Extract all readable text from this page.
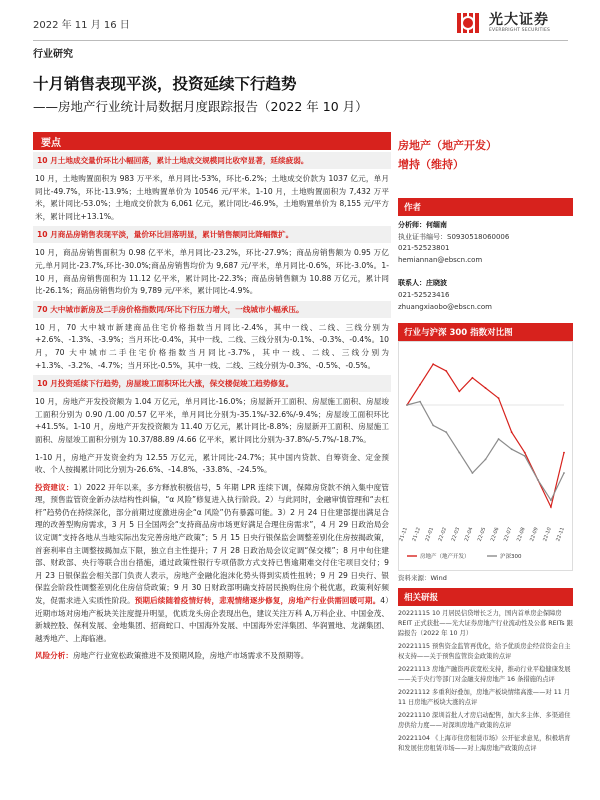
2022 年 11 月 16 日	光大证券
EVERBRIGHT SECURITIES
行业研究
十月销售表现平淡，投资延续下行趋势
——房地产行业统计局数据月度跟踪报告（2022 年 10 月）
要点
10 月土地成交量价环比小幅回落，累计土地成交规模同比收窄显著，延续疲弱。
10 月，土地购置面积为 983 万平米，单月同比-53%，环比-6.2%；土地成交价款为 1037 亿元，单月同比-49.7%，环比-13.9%；土地购置单价为 10546 元/平米。1-10 月，土地购置面积为 7,432 万平米，累计同比-53.0%；土地成交价款为 6,061 亿元，累计同比-46.9%，土地购置单价为 8,155 元/平方米，累计同比+13.1%。
10 月商品房销售表现平淡，量价环比回落明显，累计销售额同比降幅微扩。
10 月，商品房销售面积为 0.98 亿平米，单月同比-23.2%，环比-27.9%；商品房销售额为 0.95 万亿元,单月同比-23.7%,环比-30.0%;商品房销售均价为 9,687 元/平米，单月同比-0.6%，环比-3.0%。1-10 月，商品房销售面积为 11.12 亿平米，累计同比-22.3%；商品房销售额为 10.88 万亿元，累计同比-26.1%；商品房销售均价为 9,789 元/平米，累计同比-4.9%。
70 大中城市新房及二手房价格指数同/环比下行压力增大，一线城市小幅承压。
10 月，70 大中城市新建商品住宅价格指数当月同比-2.4%，其中一线、二线、三线分别为+2.6%、-1.3%、-3.9%；当月环比-0.4%，其中一线、二线、三线分别为-0.1%、-0.3%、-0.4%。10 月，70 大中城市二手住宅价格指数当月同比-3.7%，其中一线、二线、三线分别为+1.3%、-3.2%、-4.7%；当月环比-0.5%，其中一线、二线、三线分别为-0.3%、-0.5%、-0.5%。
10 月投资延续下行趋势，房屋竣工面积环比大涨，保交楼促竣工趋势修复。
10 月，房地产开发投资额为 1.04 万亿元，单月同比-16.0%；房屋新开工面积、房屋施工面积、房屋竣工面积分别为 0.90 /1.00 /0.57 亿平米，单月同比分别为-35.1%/-32.6%/-9.4%；房屋竣工面积环比+41.5%。1-10 月，房地产开发投资额为 11.40 万亿元，累计同比-8.8%；房屋新开工面积、房屋施工面积、房屋竣工面积分别为 10.37/88.89 /4.66 亿平米，累计同比分别为-37.8%/-5.7%/-18.7%。
1-10 月，房地产开发资金约为 12.55 万亿元，累计同比-24.7%；其中国内贷款、自筹资金、定金预收、个人按揭累计同比分别为-26.6%、-14.8%、-33.8%、-24.5%。
投资建议：1）2022 开年以来，多方释放积极信号，5 年期 LPR 连续下调，保障房贷款不纳入集中度管理，预售监管资金新办法结构性纠偏，“α 风险”修复进入执行阶段。2）与此同时，金融审慎管理和“去杠杆”趋势仍在持续深化，部分前期过度激进房企“α 风险”仍有暴露可能。3）2 月 24 日住建部提出满足合理的改善型购房需求，3 月 5 日全国两会“支持商品房市场更好满足合理住房需求”，4 月 29 日政治局会议定调“支持各地从当地实际出发完善房地产政策”；5 月 15 日央行银保监会调整差别化住房按揭政策，首套利率自主调整按揭加点下限，独立自主性提升；7 月 28 日政治局会议定调“保交楼”；8 月中旬住建部、财政部、央行等联合出台措施，通过政策性银行专项借款方式支持已售逾期难交付住宅项目交付；9 月 23 日银保监会相关部门负责人表示，房地产金融化泡沫化势头得到实质性扭转；9 月 29 日央行、银保监会阶段性调整差别化住房信贷政策；9 月 30 日财政部明确支持居民换购住房个税优惠，政策利好频发，促需求进入实质性阶段。预期后续随着疫情好转，悲观情绪逐步修复，房地产行业供需回暖可期。4）近期市场对房地产板块关注度提升明显，优质龙头房企表现出色，建议关注万科 A,万科企业、中国金茂、新城控股、保利发展、金地集团、招商蛇口、中国海外发展、中国海外宏洋集团、华润置地、龙湖集团、越秀地产、上海临港。
风险分析：房地产行业宽松政策推进不及预期风险，房地产市场需求不及预期等。
房地产（地产开发）
增持（维持）
作者
分析师：何缅南
执业证书编号：S0930518060006
021-52523801
hemiannan@ebscn.com
联系人：庄晓波
021-52523416
zhuangxiaobo@ebscn.com
行业与沪深 300 指数对比图
21-11 21-12 22-01 22-02 22-03 22-04 22-05 22-06 22-07 22-08 22-09 22-10 22-11
房地产（地产开发）	沪深300
资料来源：Wind
相关研报
20221115 10 月居民信贷增长乏力，国内首单房企保障房 REIT 正式获批——光大证券房地产行业流动性及公募 REITs 跟踪报告（2022 年 10 月）
20221115 预售资金监管再优化，给予优质房企经营资金自主权支持——关于预售监管资金政策的点评
20221113 房地产融资再获宽松支持，推动行业平稳健康发展——关于央行等部门对金融支持房地产 16 条措施的点评
20221112 多重利好叠加，房地产板块情绪高涨——对 11 月 11 日房地产板块大涨的点评
20221110 深圳首批人才房启动配售，加大多主体、多渠道住房供给力度——对深圳房地产政策的点评
20221104 《上海市住房租赁市场》公开征求意见，积极培育和发展住房租赁市场——对上海房地产政策的点评
